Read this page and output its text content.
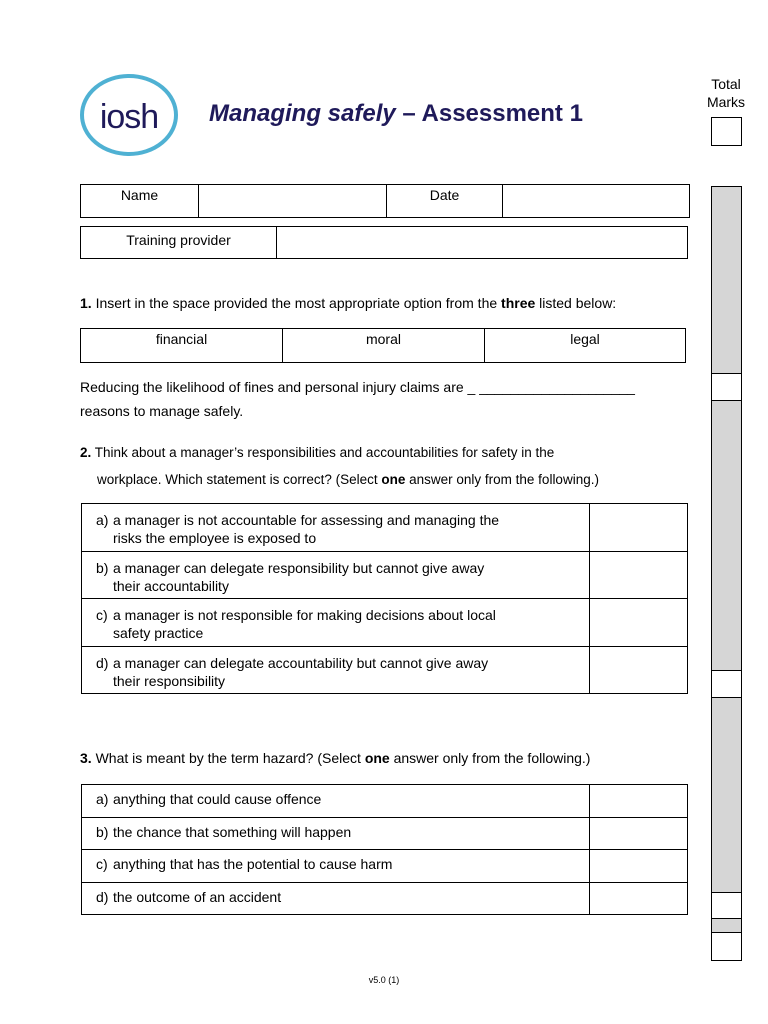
iosh Managing safely – Assessment 1
Total
Marks
Name		Date	
Training provider	
1. Insert in the space provided the most appropriate option from the three listed below:
financial	moral	legal
Reducing the likelihood of fines and personal injury claims are _ ____________________
reasons to manage safely.
2. Think about a manager’s responsibilities and accountabilities for safety in the
workplace. Which statement is correct? (Select one answer only from the following.)
a) a manager is not accountable for assessing and managing the
risks the employee is exposed to	

b) a manager can delegate responsibility but cannot give away
their accountability	

c) a manager is not responsible for making decisions about local
safety practice	

d) a manager can delegate accountability but cannot give away
their responsibility	

3. What is meant by the term hazard? (Select one answer only from the following.)
a) anything that could cause offence	
b) the chance that something will happen	
c) anything that has the potential to cause harm	
d) the outcome of an accident	
v5.0 (1)
